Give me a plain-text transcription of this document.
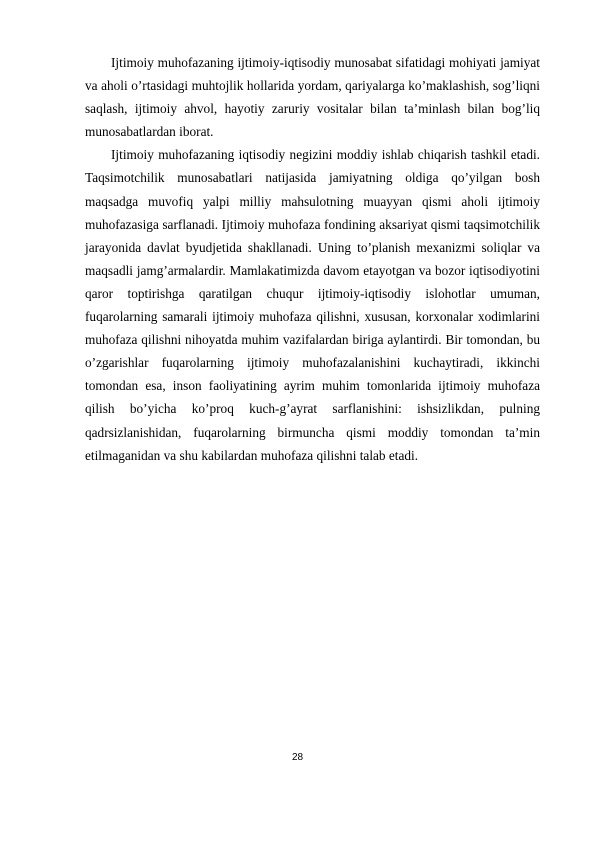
Ijtimoiy muhofazaning ijtimoiy-iqtisodiy munosabat sifatidagi mohiyati jamiyat va aholi o’rtasidagi muhtojlik hollarida yordam, qariyalarga ko’maklashish, sog’liqni saqlash, ijtimoiy ahvol, hayotiy zaruriy vositalar bilan ta’minlash bilan bog’liq munosabatlardan iborat.

Ijtimoiy muhofazaning iqtisodiy negizini moddiy ishlab chiqarish tashkil etadi. Taqsimotchilik munosabatlari natijasida jamiyatning oldiga qo’yilgan bosh maqsadga muvofiq yalpi milliy mahsulotning muayyan qismi aholi ijtimoiy muhofazasiga sarflanadi. Ijtimoiy muhofaza fondining aksariyat qismi taqsimotchilik jarayonida davlat byudjetida shakllanadi. Uning to’planish mexanizmi soliqlar va maqsadli jamg’armalardir. Mamlakatimizda davom etayotgan va bozor iqtisodiyotini qaror toptirishga qaratilgan chuqur ijtimoiy-iqtisodiy islohotlar umuman, fuqarolarning samarali ijtimoiy muhofaza qilishni, xususan, korxonalar xodimlarini muhofaza qilishni nihoyatda muhim vazifalardan biriga aylantirdi. Bir tomondan, bu o’zgarishlar fuqarolarning ijtimoiy muhofazalanishini kuchaytiradi, ikkinchi tomondan esa, inson faoliyatining ayrim muhim tomonlarida ijtimoiy muhofaza qilish bo’yicha ko’proq kuch-g’ayrat sarflanishini: ishsizlikdan, pulning qadrsizlanishidan, fuqarolarning birmuncha qismi moddiy tomondan ta’min etilmaganidan va shu kabilardan muhofaza qilishni talab etadi.

28
